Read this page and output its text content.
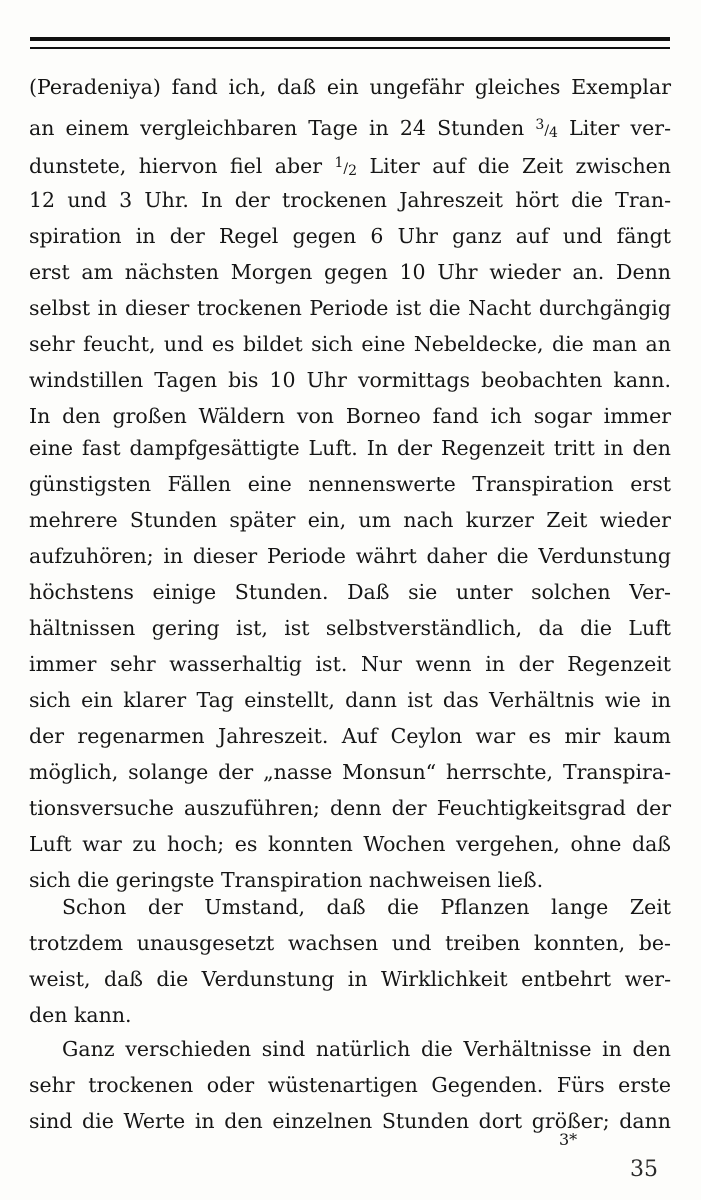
(Peradeniya) fand ich, daß ein ungefähr gleiches Exemplar
an einem vergleichbaren Tage in 24 Stunden 3/4 Liter ver-
dunstete, hiervon fiel aber 1/2 Liter auf die Zeit zwischen
12 und 3 Uhr. In der trockenen Jahreszeit hört die Tran-
spiration in der Regel gegen 6 Uhr ganz auf und fängt
erst am nächsten Morgen gegen 10 Uhr wieder an. Denn
selbst in dieser trockenen Periode ist die Nacht durchgängig
sehr feucht, und es bildet sich eine Nebeldecke, die man an
windstillen Tagen bis 10 Uhr vormittags beobachten kann.
In den großen Wäldern von Borneo fand ich sogar immer
eine fast dampfgesättigte Luft. In der Regenzeit tritt in den
günstigsten Fällen eine nennenswerte Transpiration erst
mehrere Stunden später ein, um nach kurzer Zeit wieder
aufzuhören; in dieser Periode währt daher die Verdunstung
höchstens einige Stunden. Daß sie unter solchen Ver-
hältnissen gering ist, ist selbstverständlich, da die Luft
immer sehr wasserhaltig ist. Nur wenn in der Regenzeit
sich ein klarer Tag einstellt, dann ist das Verhältnis wie in
der regenarmen Jahreszeit. Auf Ceylon war es mir kaum
möglich, solange der „nasse Monsun“ herrschte, Transpira-
tionsversuche auszuführen; denn der Feuchtigkeitsgrad der
Luft war zu hoch; es konnten Wochen vergehen, ohne daß
sich die geringste Transpiration nachweisen ließ.
Schon der Umstand, daß die Pflanzen lange Zeit
trotzdem unausgesetzt wachsen und treiben konnten, be-
weist, daß die Verdunstung in Wirklichkeit entbehrt wer-
den kann.
Ganz verschieden sind natürlich die Verhältnisse in den
sehr trockenen oder wüstenartigen Gegenden. Fürs erste
sind die Werte in den einzelnen Stunden dort größer; dann
3*
35
